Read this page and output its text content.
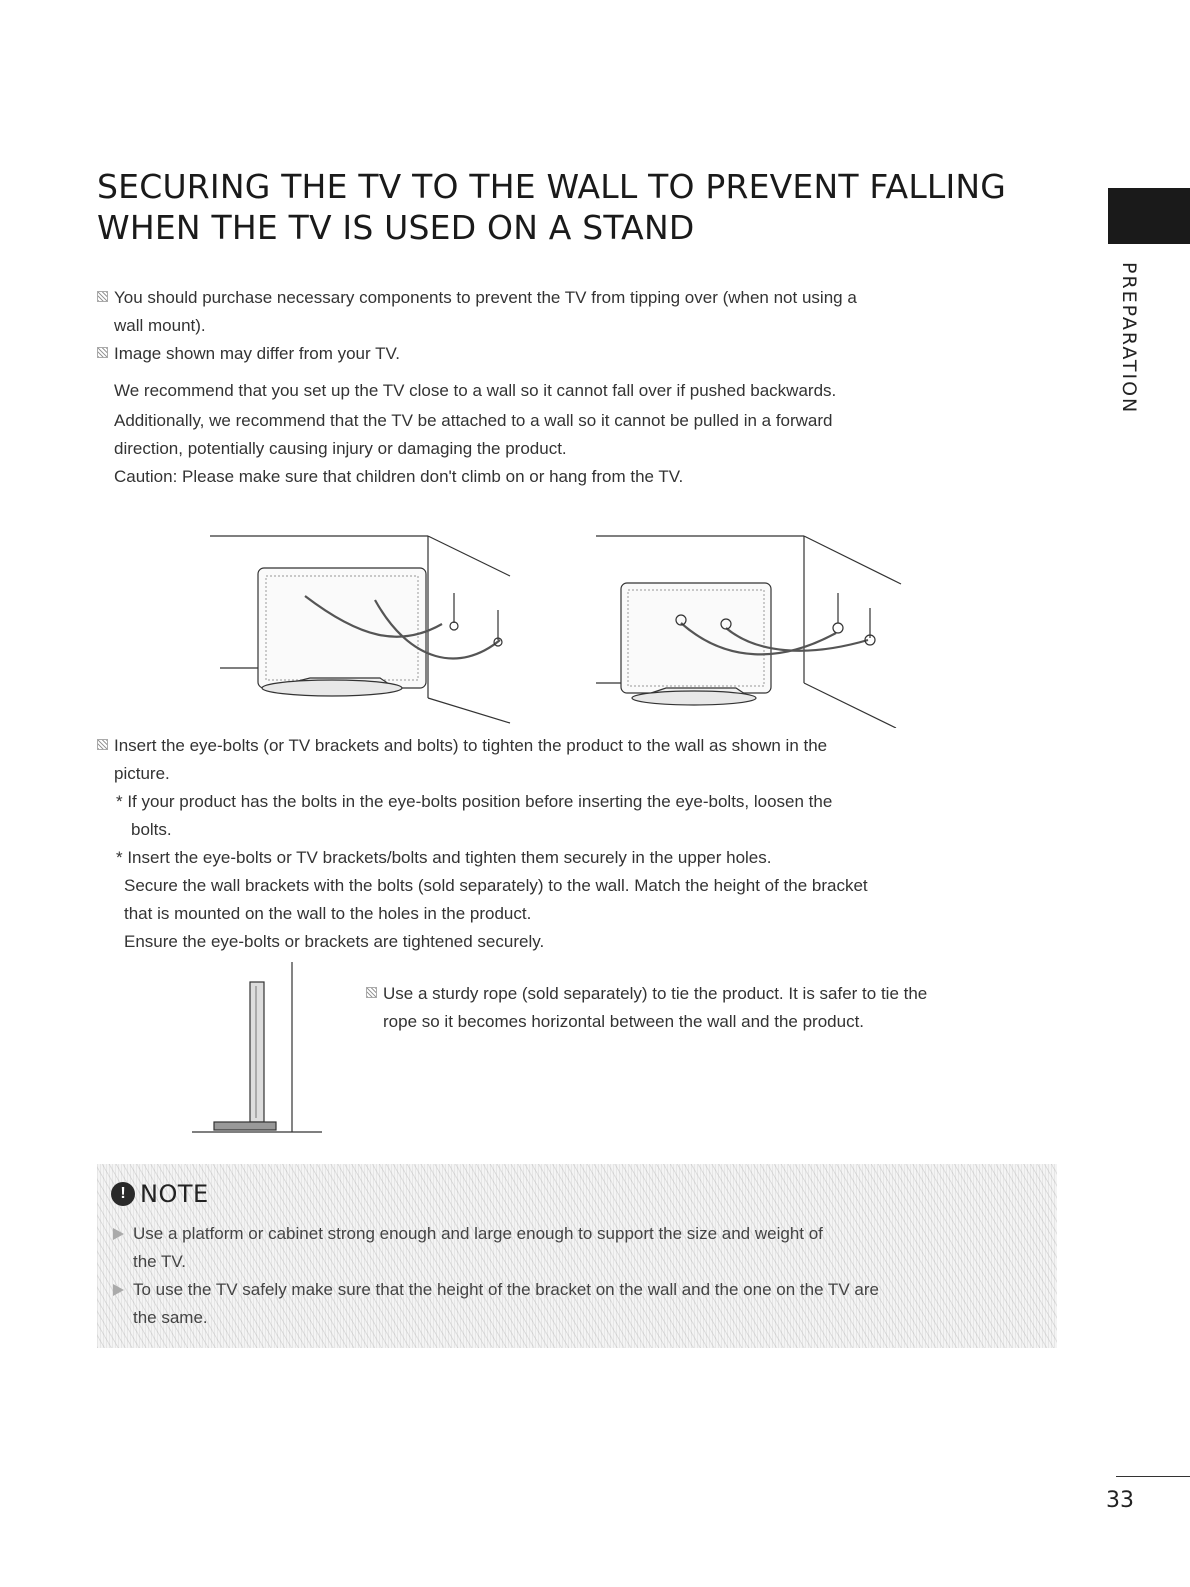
SECURING THE TV TO THE WALL TO PREVENT FALLING
WHEN THE TV IS USED ON A STAND
PREPARATION

You should purchase necessary components to prevent the TV from tipping over (when not using a
wall mount).

Image shown may differ from your TV.

We recommend that you set up the TV close to a wall so it cannot fall over if pushed backwards.
Additionally, we recommend that the TV be attached to a wall so it cannot be pulled in a forward
direction, potentially causing injury or damaging the product.
Caution: Please make sure that children don't climb on or hang from the TV.

Insert the eye-bolts (or TV brackets and bolts) to tighten the product to the wall as shown in the
picture.

* If your product has the bolts in the eye-bolts position before inserting the eye-bolts, loosen the
bolts.

* Insert the eye-bolts or TV brackets/bolts and tighten them securely in the upper holes.

Secure the wall brackets with the bolts (sold separately) to the wall. Match the height of the bracket
that is mounted on the wall to the holes in the product.
Ensure the eye-bolts or brackets are tightened securely.

Use a sturdy rope (sold separately) to tie the product. It is safer to tie the
rope so it becomes horizontal between the wall and the product.

! NOTE
Use a platform or cabinet strong enough and large enough to support the size and weight of
the TV.
To use the TV safely make sure that the height of the bracket on the wall and the one on the TV are
the same.
33
